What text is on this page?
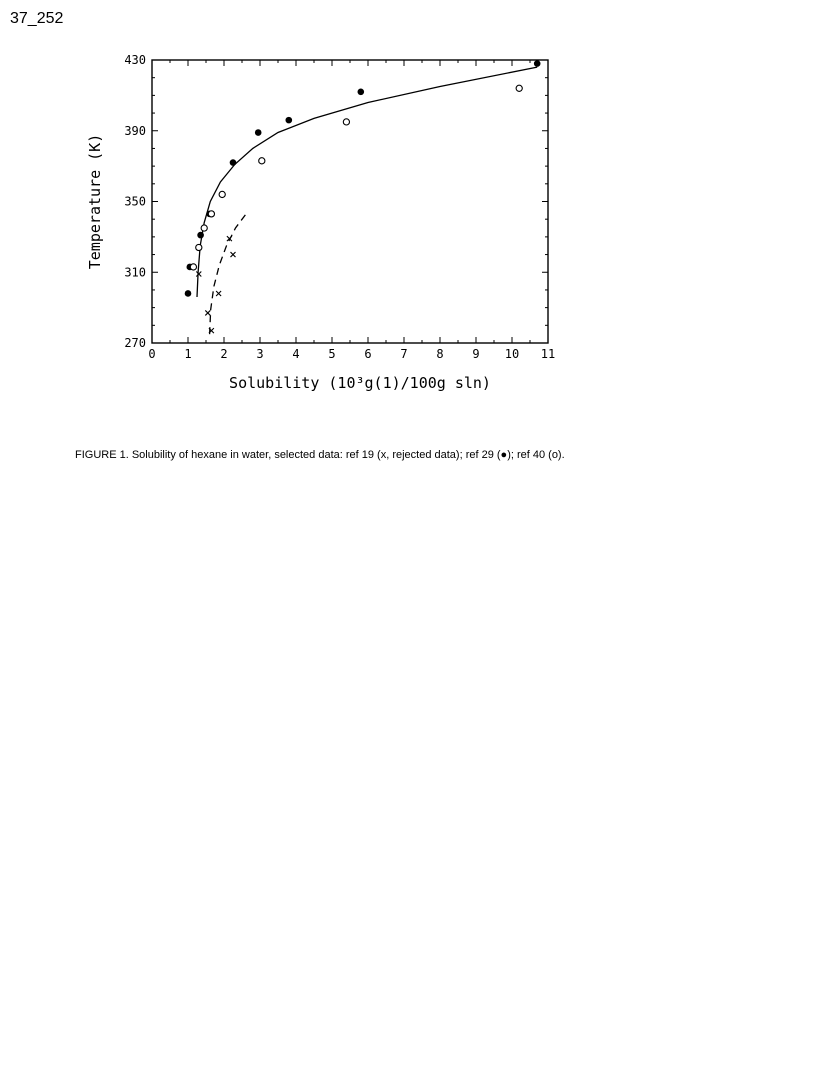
37_252
0 1 2 3 4 5 6 7 8 9 10 11
270
310
350
390
430
Solubility (10³g(1)/100g sln)
Temperature (K)
FIGURE 1. Solubility of hexane in water, selected data: ref 19 (x, rejected data); ref 29 (●); ref 40 (o).
